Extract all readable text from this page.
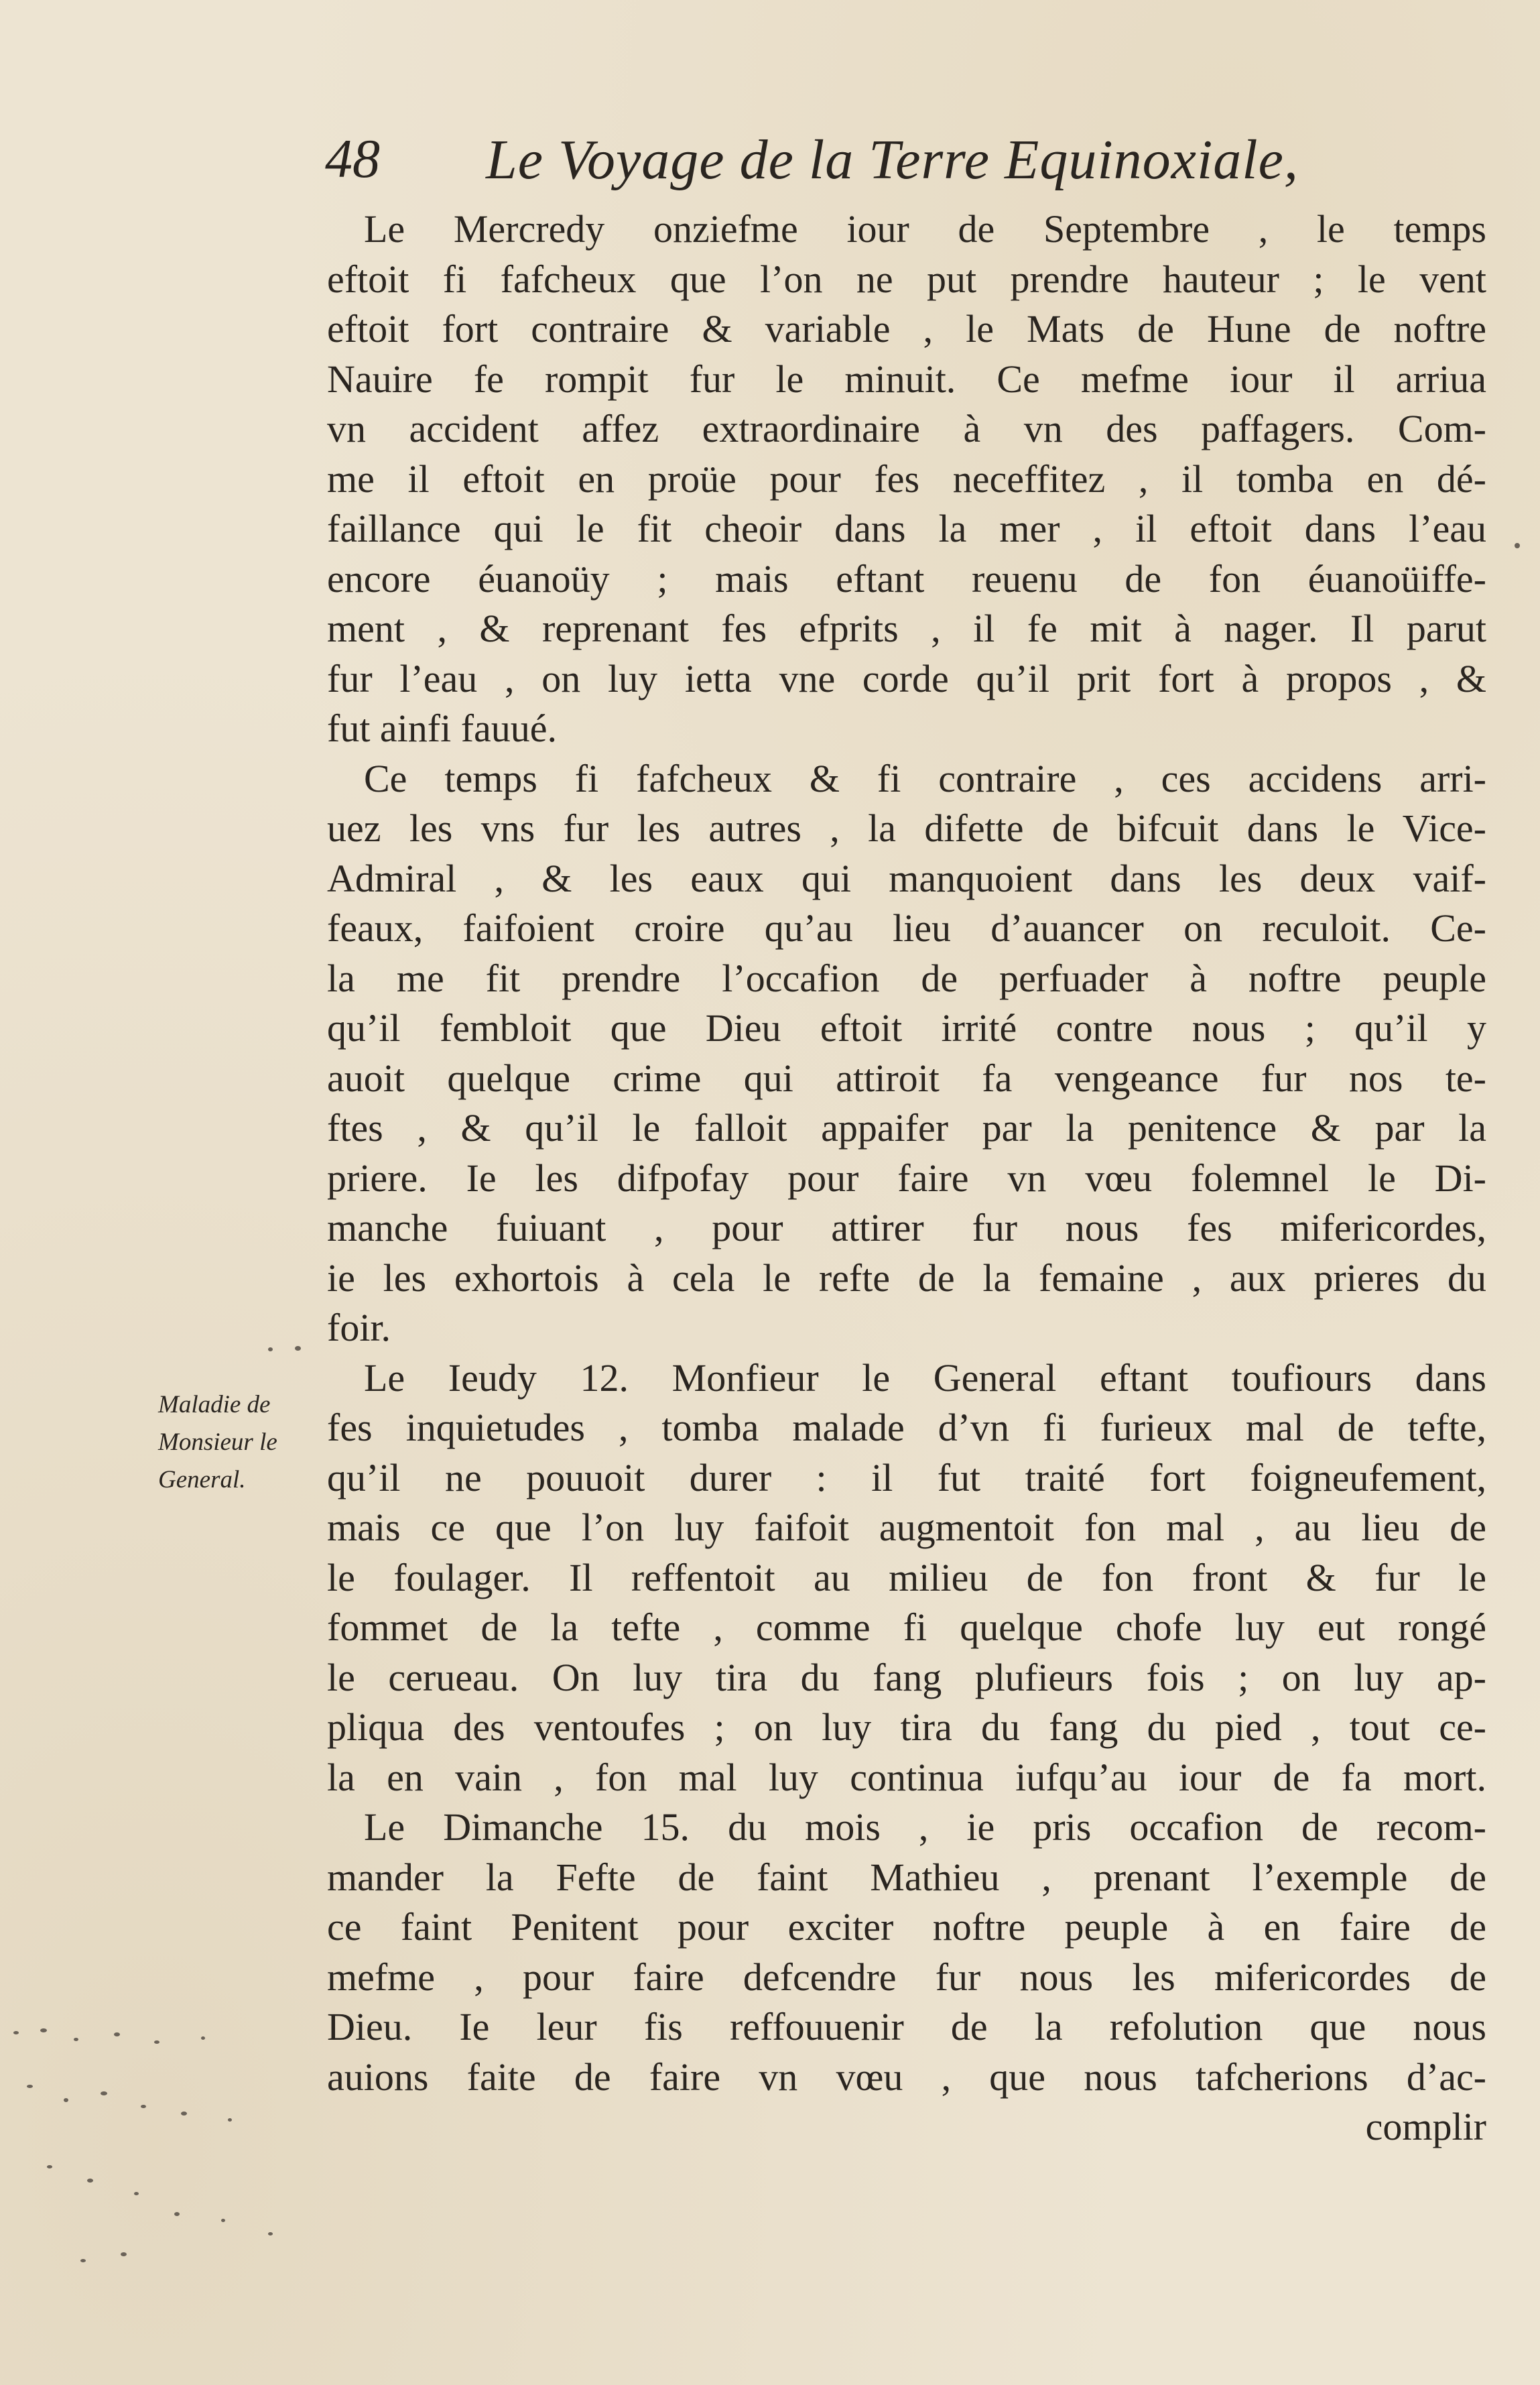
48 Le Voyage de la Terre Equinoxiale,
Maladie de
Monsieur le
General.
Le Mercredy onziefme iour de Septembre , le temps
eftoit fi fafcheux que l’on ne put prendre hauteur ; le vent
eftoit fort contraire & variable , le Mats de Hune de noftre
Nauire fe rompit fur le minuit. Ce mefme iour il arriua
vn accident affez extraordinaire à vn des paffagers. Com-
me il eftoit en proüe pour fes neceffitez , il tomba en dé-
faillance qui le fit cheoir dans la mer , il eftoit dans l’eau
encore éuanoüy ; mais eftant reuenu de fon éuanoüiffe-
ment , & reprenant fes efprits , il fe mit à nager. Il parut
fur l’eau , on luy ietta vne corde qu’il prit fort à propos , &
fut ainfi fauué.
Ce temps fi fafcheux & fi contraire , ces accidens arri-
uez les vns fur les autres , la difette de bifcuit dans le Vice-
Admiral , & les eaux qui manquoient dans les deux vaif-
feaux, faifoient croire qu’au lieu d’auancer on reculoit. Ce-
la me fit prendre l’occafion de perfuader à noftre peuple
qu’il fembloit que Dieu eftoit irrité contre nous ; qu’il y
auoit quelque crime qui attiroit fa vengeance fur nos te-
ftes , & qu’il le falloit appaifer par la penitence & par la
priere. Ie les difpofay pour faire vn vœu folemnel le Di-
manche fuiuant , pour attirer fur nous fes mifericordes,
ie les exhortois à cela le refte de la femaine , aux prieres du
foir.
Le Ieudy 12. Monfieur le General eftant toufiours dans
fes inquietudes , tomba malade d’vn fi furieux mal de tefte,
qu’il ne pouuoit durer : il fut traité fort foigneufement,
mais ce que l’on luy faifoit augmentoit fon mal , au lieu de
le foulager. Il reffentoit au milieu de fon front & fur le
fommet de la tefte , comme fi quelque chofe luy eut rongé
le cerueau. On luy tira du fang plufieurs fois ; on luy ap-
pliqua des ventoufes ; on luy tira du fang du pied , tout ce-
la en vain , fon mal luy continua iufqu’au iour de fa mort.
Le Dimanche 15. du mois , ie pris occafion de recom-
mander la Fefte de faint Mathieu , prenant l’exemple de
ce faint Penitent pour exciter noftre peuple à en faire de
mefme , pour faire defcendre fur nous les mifericordes de
Dieu. Ie leur fis reffouuenir de la refolution que nous
auions faite de faire vn vœu , que nous tafcherions d’ac-
complir
